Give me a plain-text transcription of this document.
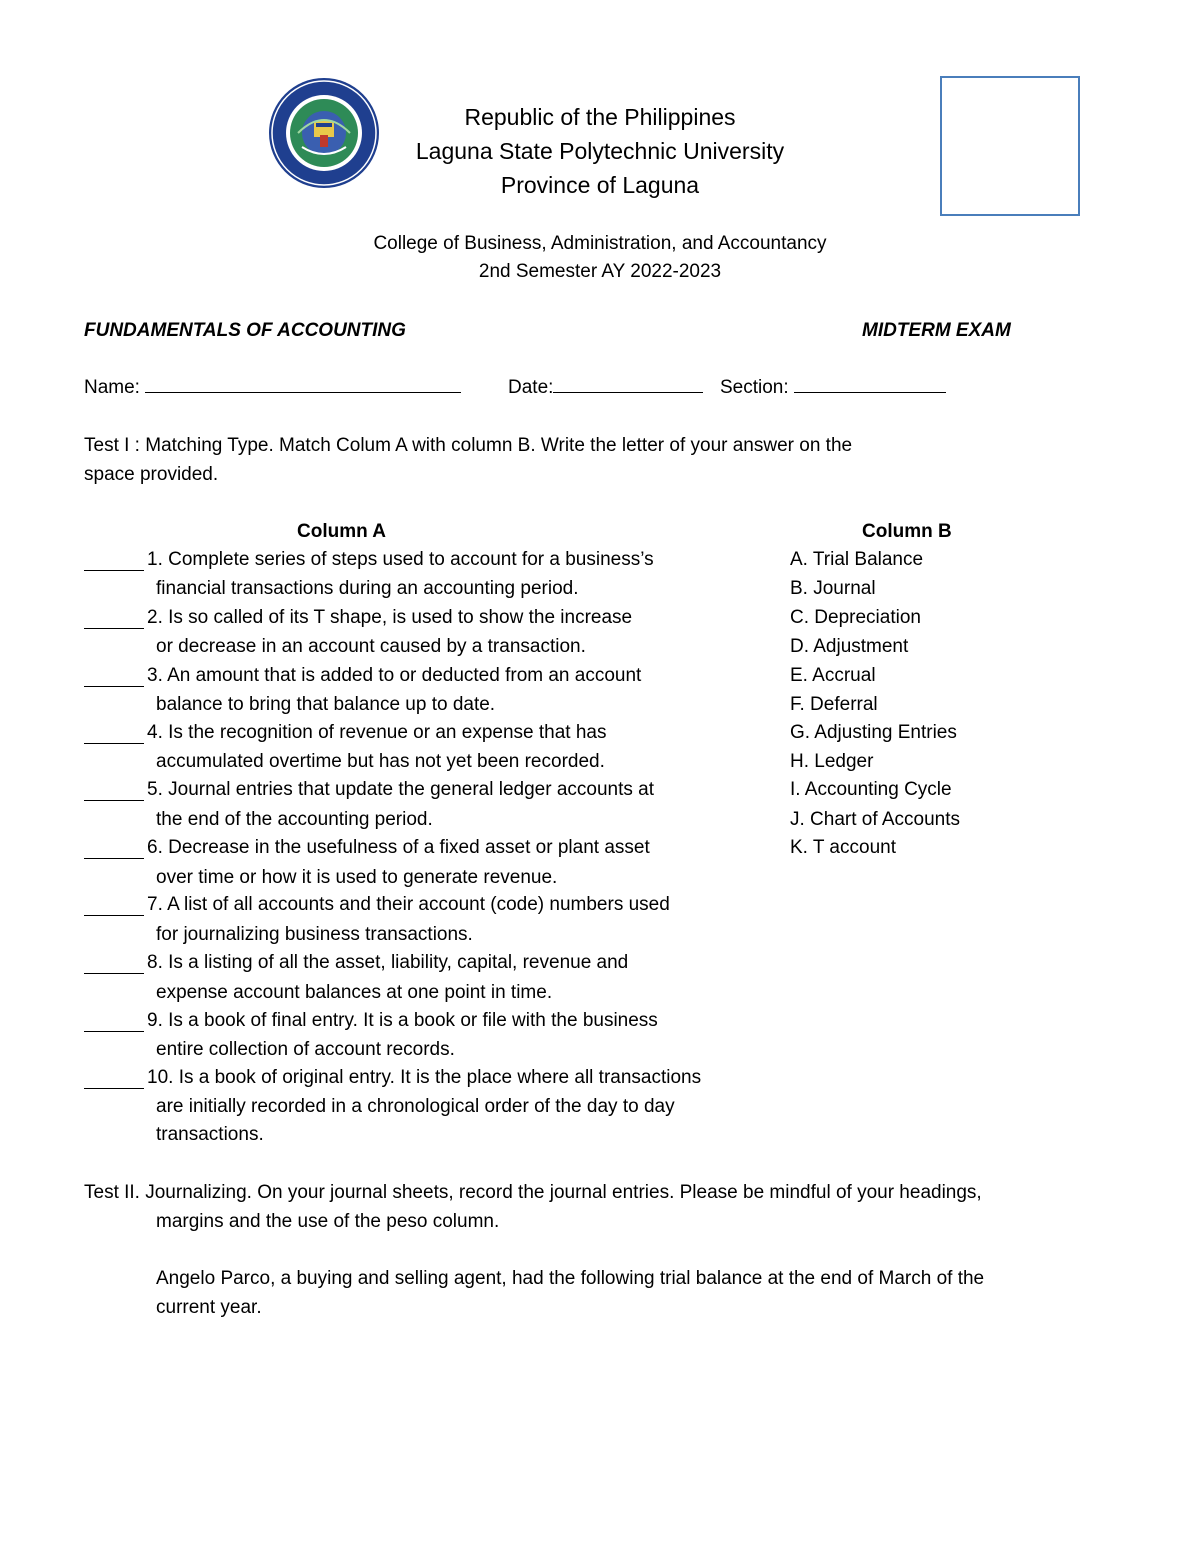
Republic of the Philippines
Laguna State Polytechnic University
Province of Laguna
College of Business, Administration, and Accountancy
2nd Semester AY 2022-2023
FUNDAMENTALS OF ACCOUNTING	MIDTERM EXAM
Name:	Date:	Section:
Test I : Matching Type. Match Colum A with column B. Write the letter of your answer on the
space provided.
Column A	Column B
1. Complete series of steps used to account for a business’s
financial transactions during an accounting period.
2. Is so called of its T shape, is used to show the increase
or decrease in an account caused by a transaction.
3. An amount that is added to or deducted from an account
balance to bring that balance up to date.
4. Is the recognition of revenue or an expense that has
accumulated overtime but has not yet been recorded.
5. Journal entries that update the general ledger accounts at
the end of the accounting period.
6. Decrease in the usefulness of a fixed asset or plant asset
over time or how it is used to generate revenue.
7. A list of all accounts and their account (code) numbers used
for journalizing business transactions.
8. Is a listing of all the asset, liability, capital, revenue and
expense account balances at one point in time.
9. Is a book of final entry. It is a book or file with the business
entire collection of account records.
10. Is a book of original entry. It is the place where all transactions
are initially recorded in a chronological order of the day to day
transactions.
A. Trial Balance
B. Journal
C. Depreciation
D. Adjustment
E. Accrual
F. Deferral
G. Adjusting Entries
H. Ledger
I. Accounting Cycle
J. Chart of Accounts
K. T account
Test II. Journalizing. On your journal sheets, record the journal entries. Please be mindful of your headings,
margins and the use of the peso column.
Angelo Parco, a buying and selling agent, had the following trial balance at the end of March of the
current year.
